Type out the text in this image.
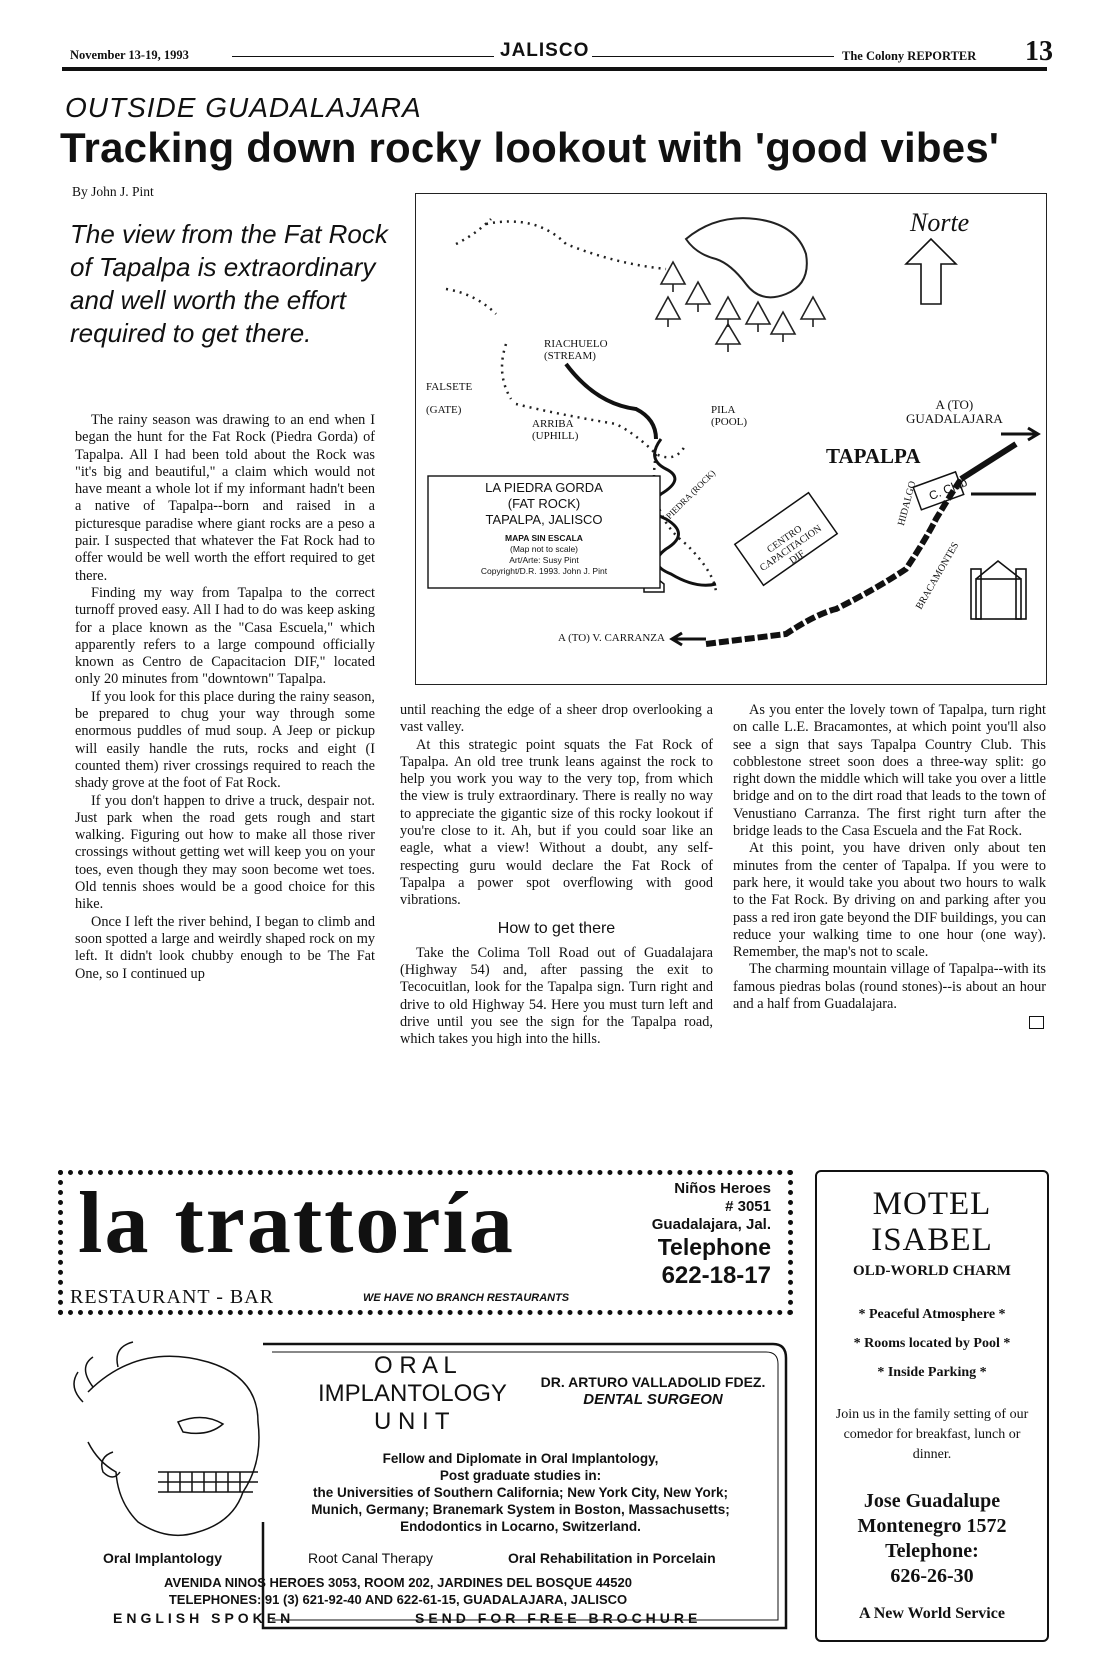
November 13-19, 1993	JALISCO	The Colony REPORTER 13
OUTSIDE GUADALAJARA
Tracking down rocky lookout with 'good vibes'
By John J. Pint
The view from the Fat Rock of Tapalpa is extraordinary and well worth the effort required to get there.

The rainy season was drawing to an end when I began the hunt for the Fat Rock (Piedra Gorda) of Tapalpa. All I had been told about the Rock was "it's big and beautiful," a claim which would not have meant a whole lot if my informant hadn't been a native of Tapalpa--born and raised in a picturesque paradise where giant rocks are a peso a pair. I suspected that whatever the Fat Rock had to offer would be well worth the effort required to get there.

Finding my way from Tapalpa to the correct turnoff proved easy. All I had to do was keep asking for a place known as the "Casa Escuela," which apparently refers to a large compound officially known as Centro de Capacitacion DIF," located only 20 minutes from "downtown" Tapalpa.

If you look for this place during the rainy season, be prepared to chug your way through some enormous puddles of mud soup. A Jeep or pickup will easily handle the ruts, rocks and eight (I counted them) river crossings required to reach the shady grove at the foot of Fat Rock.

If you don't happen to drive a truck, despair not. Just park when the road gets rough and start walking. Figuring out how to make all those river crossings without getting wet will keep you on your toes, even though they may soon become wet toes. Old tennis shoes would be a good choice for this hike.

Once I left the river behind, I began to climb and soon spotted a large and weirdly shaped rock on my left. It didn't look chubby enough to be The Fat One, so I continued up

Norte
RIACHUELO
(STREAM)
FALSETE
(GATE)
ARRIBA
(UPHILL)
PILA
(POOL)
A (TO)
GUADALAJARA
TAPALPA
C. Club
HIDALGO
BRACAMONTES
PIEDRA (ROCK)
CENTRO CAPACITACION DIF
A (TO) V. CARRANZA
LA PIEDRA GORDA
(FAT ROCK)
TAPALPA, JALISCO
MAPA SIN ESCALA
(Map not to scale)
Art/Arte: Susy Pint
Copyright/D.R. 1993. John J. Pint

until reaching the edge of a sheer drop overlooking a vast valley.

At this strategic point squats the Fat Rock of Tapalpa. An old tree trunk leans against the rock to help you work you way to the very top, from which the view is truly extraordinary. There is really no way to appreciate the gigantic size of this rocky lookout if you're close to it. Ah, but if you could soar like an eagle, what a view! Without a doubt, any self-respecting guru would declare the Fat Rock of Tapalpa a power spot overflowing with good vibrations.

How to get there

Take the Colima Toll Road out of Guadalajara (Highway 54) and, after passing the exit to Tecocuitlan, look for the Tapalpa sign. Turn right and drive to old Highway 54. Here you must turn left and drive until you see the sign for the Tapalpa road, which takes you high into the hills.

As you enter the lovely town of Tapalpa, turn right on calle L.E. Bracamontes, at which point you'll also see a sign that says Tapalpa Country Club. This cobblestone street soon does a three-way split: go right down the middle which will take you over a little bridge and on to the dirt road that leads to the town of Venustiano Carranza. The first right turn after the bridge leads to the Casa Escuela and the Fat Rock.

At this point, you have driven only about ten minutes from the center of Tapalpa. If you were to park here, it would take you about two hours to walk to the Fat Rock. By driving on and parking after you pass a red iron gate beyond the DIF buildings, you can reduce your walking time to one hour (one way). Remember, the map's not to scale.

The charming mountain village of Tapalpa--with its famous piedras bolas (round stones)--is about an hour and a half from Guadalajara.

la trattoría
RESTAURANT - BAR	WE HAVE NO BRANCH RESTAURANTS
Niños Heroes
# 3051
Guadalajara, Jal.
Telephone
622-18-17
MOTEL
ISABEL
OLD-WORLD CHARM
* Peaceful Atmosphere *
* Rooms located by Pool *
* Inside Parking *
Join us in the family setting of our comedor for breakfast, lunch or dinner.
Jose Guadalupe
Montenegro 1572
Telephone:
626-26-30
A New World Service
O R A L
IMPLANTOLOGY
U N I T
DR. ARTURO VALLADOLID FDEZ.
DENTAL SURGEON
Fellow and Diplomate in Oral Implantology,
Post graduate studies in:
the Universities of Southern California; New York City, New York;
Munich, Germany; Branemark System in Boston, Massachusetts;
Endodontics in Locarno, Switzerland.
Oral Implantology	Root Canal Therapy	Oral Rehabilitation in Porcelain
AVENIDA NINOS HEROES 3053, ROOM 202, JARDINES DEL BOSQUE 44520
TELEPHONES: 91 (3) 621-92-40 AND 622-61-15, GUADALAJARA, JALISCO
ENGLISH SPOKEN	SEND FOR FREE BROCHURE
